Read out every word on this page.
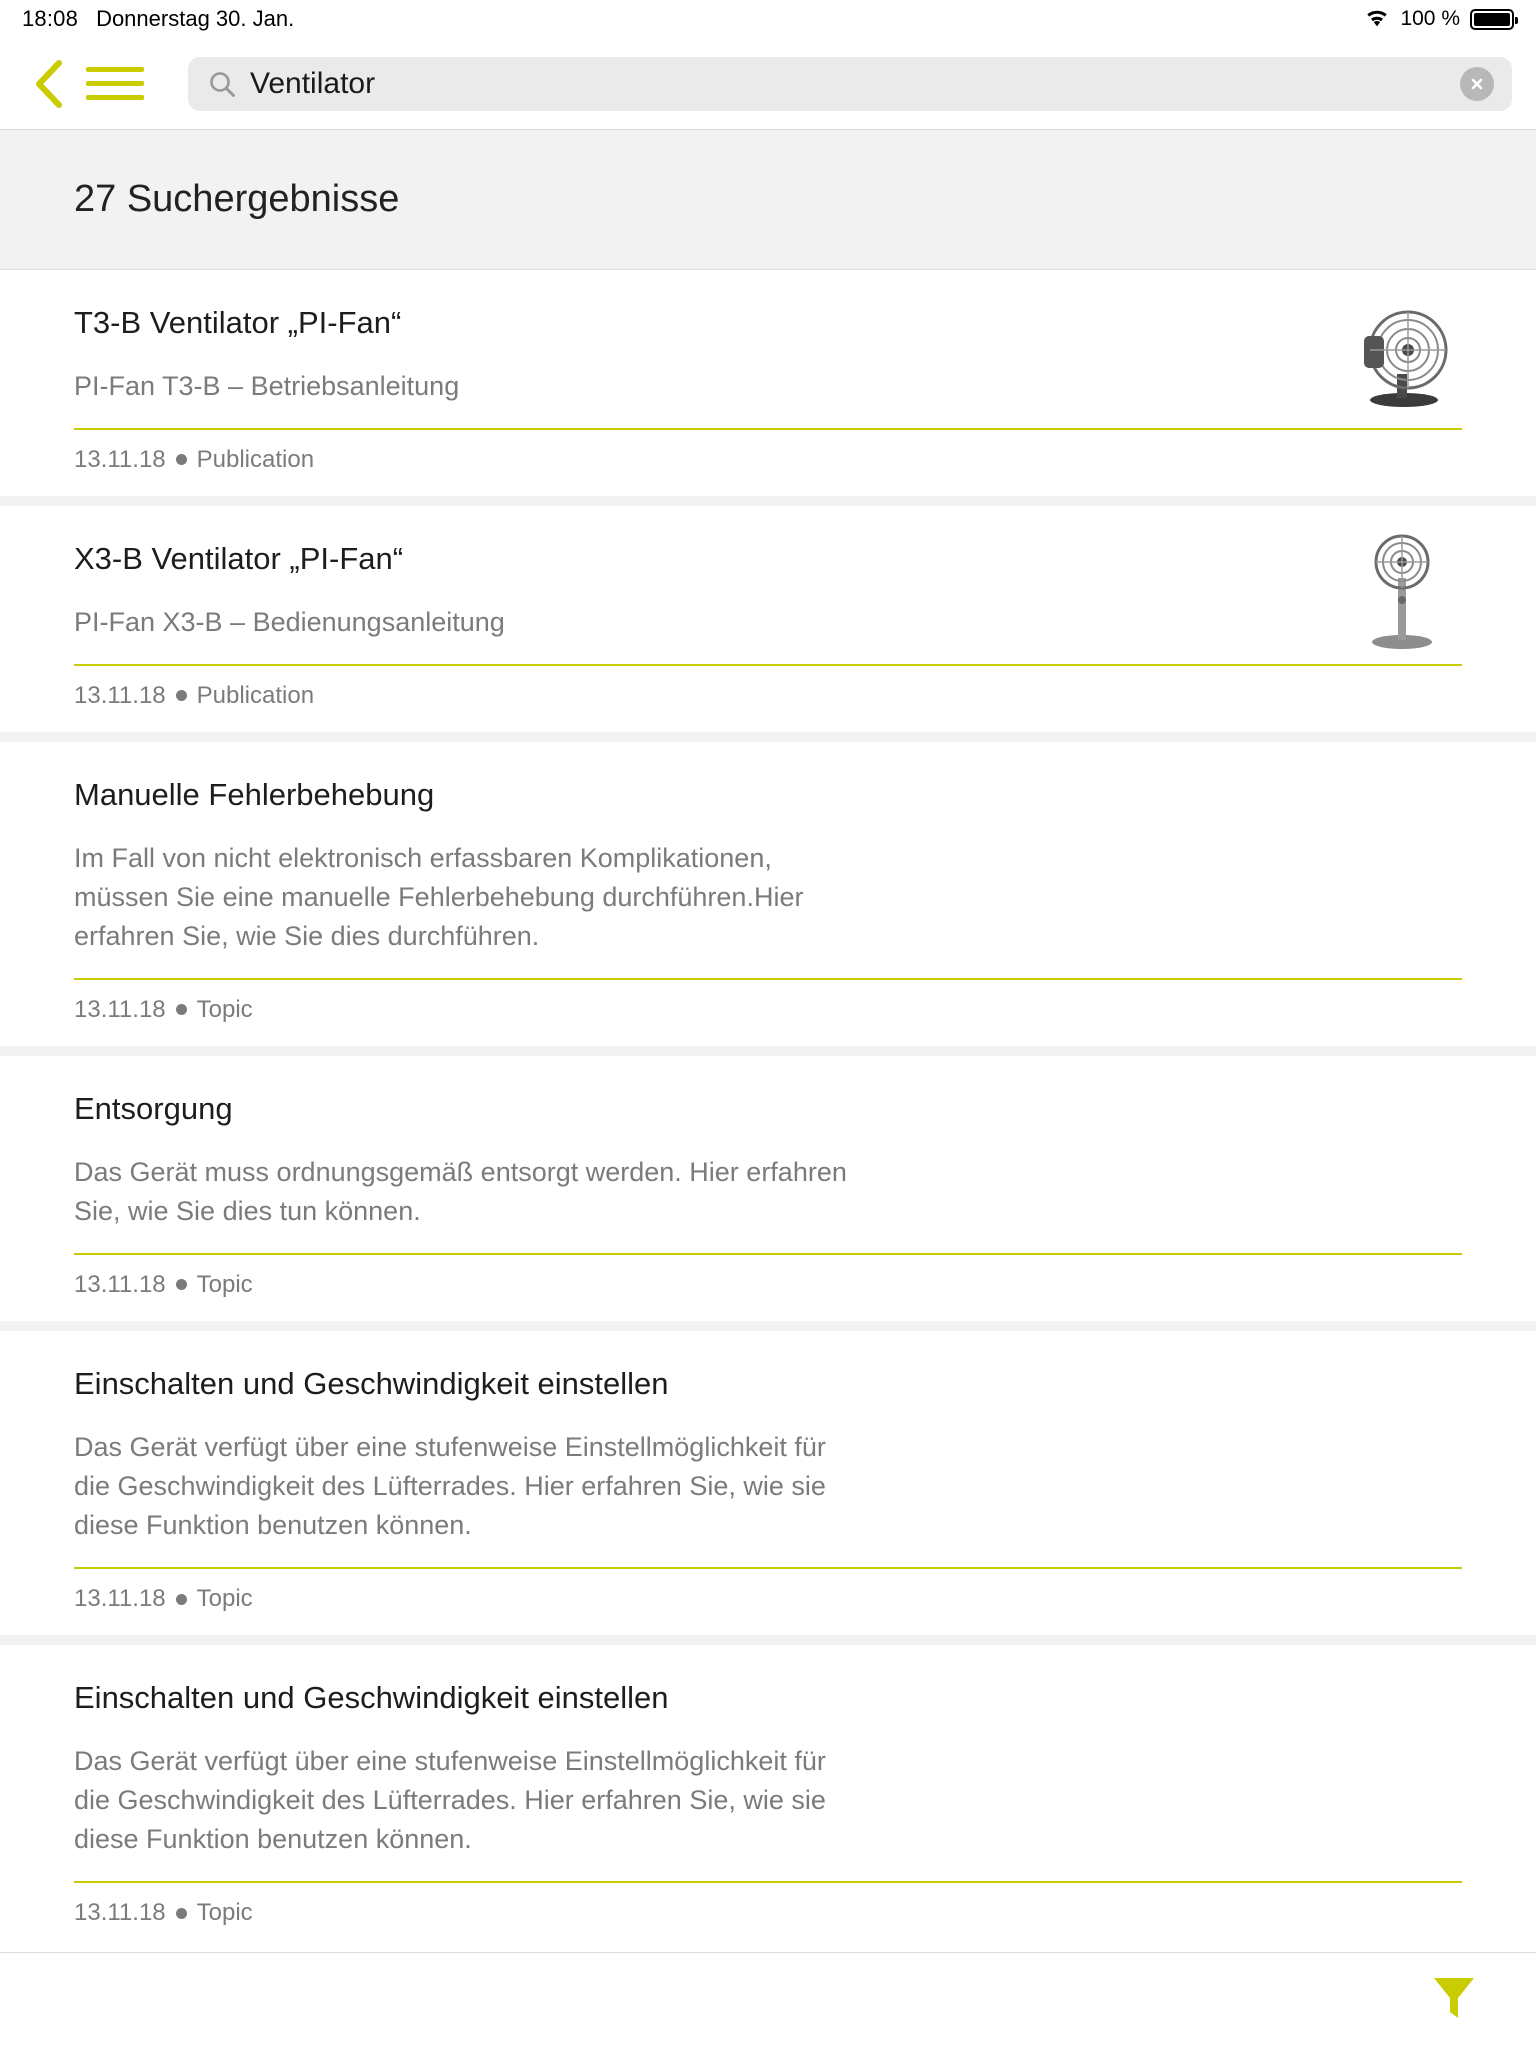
18:08 Donnerstag 30. Jan.	100 %
Ventilator
27 Suchergebnisse
T3-B Ventilator „PI-Fan“
PI-Fan T3-B – Betriebsanleitung
13.11.18 Publication
X3-B Ventilator „PI-Fan“
PI-Fan X3-B – Bedienungsanleitung
13.11.18 Publication
Manuelle Fehlerbehebung
Im Fall von nicht elektronisch erfassbaren Komplikationen, müssen Sie eine manuelle Fehlerbehebung durchführen.Hier erfahren Sie, wie Sie dies durchführen.
13.11.18 Topic
Entsorgung
Das Gerät muss ordnungsgemäß entsorgt werden. Hier erfahren Sie, wie Sie dies tun können.
13.11.18 Topic
Einschalten und Geschwindigkeit einstellen
Das Gerät verfügt über eine stufenweise Einstellmöglichkeit für die Geschwindigkeit des Lüfterrades. Hier erfahren Sie, wie sie diese Funktion benutzen können.
13.11.18 Topic
Einschalten und Geschwindigkeit einstellen
Das Gerät verfügt über eine stufenweise Einstellmöglichkeit für die Geschwindigkeit des Lüfterrades. Hier erfahren Sie, wie sie diese Funktion benutzen können.
13.11.18 Topic
